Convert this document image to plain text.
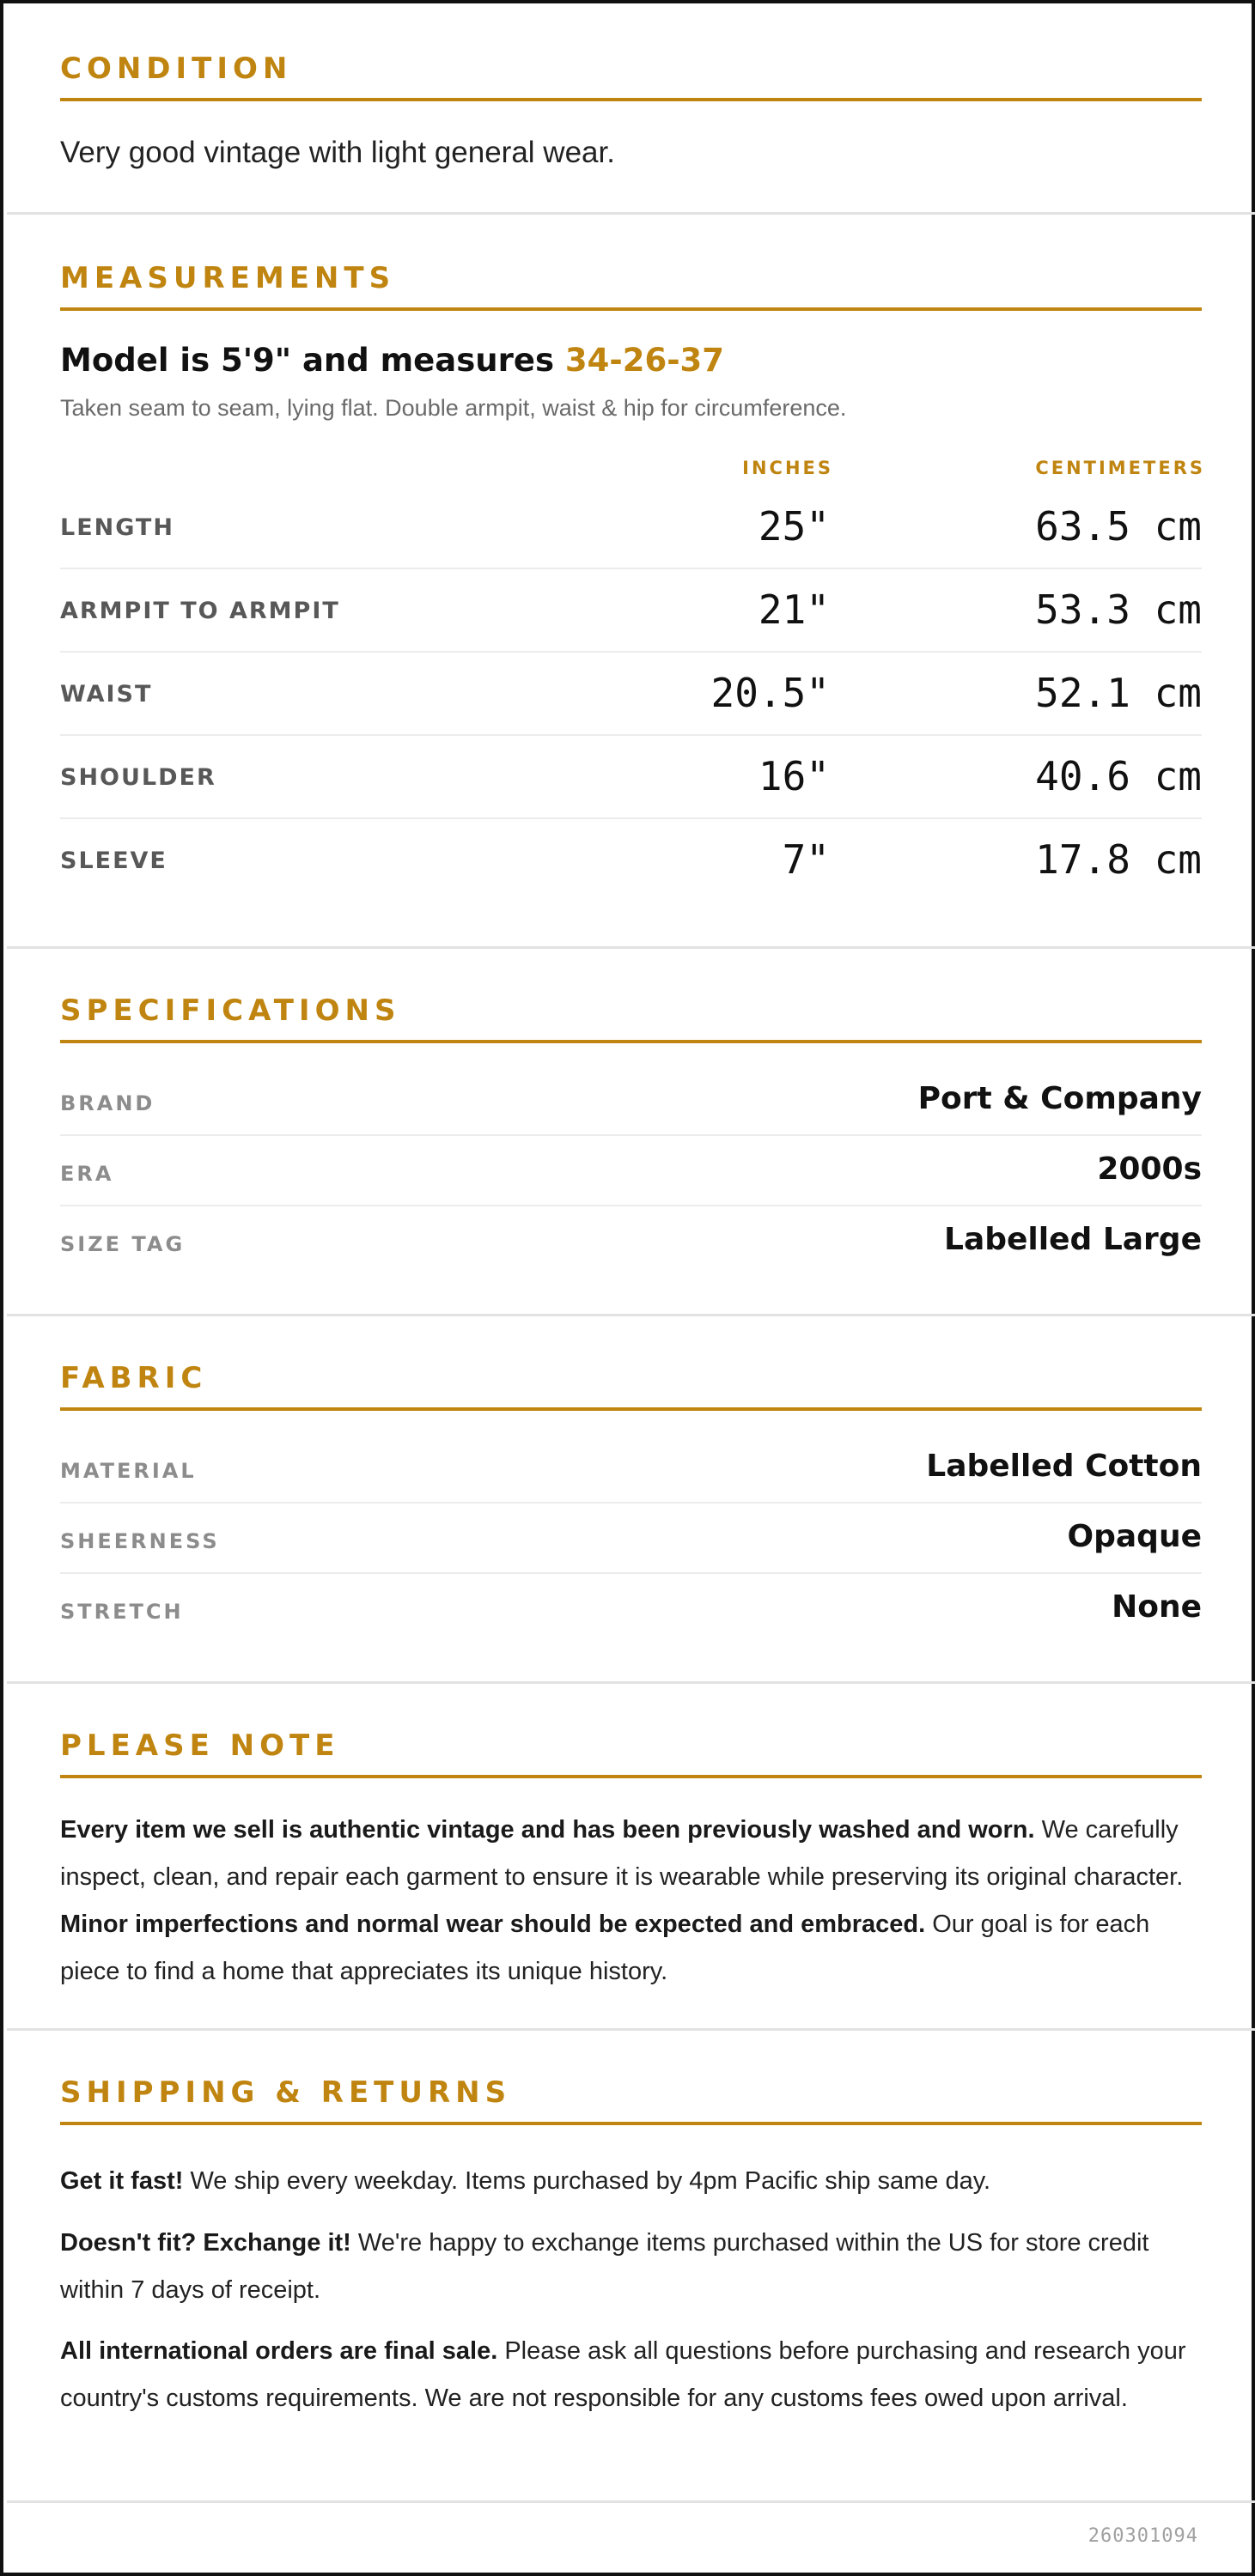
CONDITION
Very good vintage with light general wear.
MEASUREMENTS
Model is 5'9" and measures 34-26-37
Taken seam to seam, lying flat. Double armpit, waist & hip for circumference.
INCHES	CENTIMETERS
LENGTH	25"	63.5 cm
ARMPIT TO ARMPIT	21"	53.3 cm
WAIST	20.5"	52.1 cm
SHOULDER	16"	40.6 cm
SLEEVE	7"	17.8 cm
SPECIFICATIONS
BRAND	Port & Company
ERA	2000s
SIZE TAG	Labelled Large
FABRIC
MATERIAL	Labelled Cotton
SHEERNESS	Opaque
STRETCH	None
PLEASE NOTE
Every item we sell is authentic vintage and has been previously washed and worn. We carefully inspect, clean, and repair each garment to ensure it is wearable while preserving its original character. Minor imperfections and normal wear should be expected and embraced. Our goal is for each piece to find a home that appreciates its unique history.
SHIPPING & RETURNS
Get it fast! We ship every weekday. Items purchased by 4pm Pacific ship same day.
Doesn't fit? Exchange it! We're happy to exchange items purchased within the US for store credit within 7 days of receipt.
All international orders are final sale. Please ask all questions before purchasing and research your country's customs requirements. We are not responsible for any customs fees owed upon arrival.
260301094
